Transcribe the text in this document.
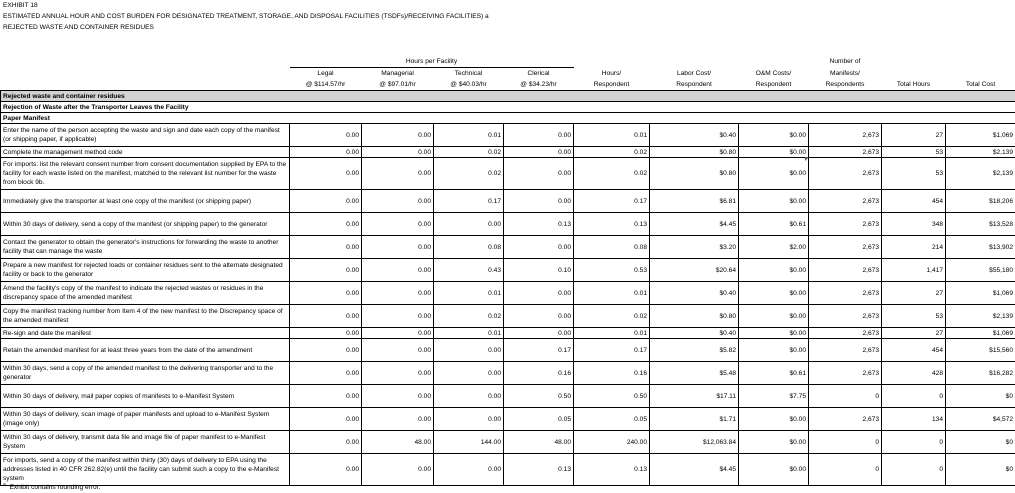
EXHIBIT 18
ESTIMATED ANNUAL HOUR AND COST BURDEN FOR DESIGNATED TREATMENT, STORAGE, AND DISPOSAL FACILITIES (TSDFs)/RECEIVING FACILITIES) a
REJECTED WASTE AND CONTAINER RESIDUES
	Hours per Facility							Number of		
	Legal	Managerial	Technical	Clerical	Hours/	Labor Cost/	O&M Costs/	Manifests/		
	@ $114.57/hr	@ $97.01/hr	@ $40.03/hr	@ $34.23/hr	Respondent	Respondent	Respondent	Respondents	Total Hours	Total Cost
Rejected waste and container residues										
Rejection of Waste after the Transporter Leaves the Facility										
Paper Manifest										
Enter the name of the person accepting the waste and sign and date each copy of the manifest (or shipping paper, if applicable)	0.00	0.00	0.01	0.00	0.01	$0.40	$0.00	2,673	27	$1,069
Complete the management method code	0.00	0.00	0.02	0.00	0.02	$0.80	$0.00	2,673	53	$2,139
For imports: list the relevant consent number from consent documentation supplied by EPA to the facility for each waste listed on the manifest, matched to the relevant list number for the waste from block 9b.	0.00	0.00	0.02	0.00	0.02	$0.80	$0.00	2,673	53	$2,139
Immediately give the transporter at least one copy of the manifest (or shipping paper)	0.00	0.00	0.17	0.00	0.17	$6.81	$0.00	2,673	454	$18,206
Within 30 days of delivery, send a copy of the manifest (or shipping paper) to the generator	0.00	0.00	0.00	0.13	0.13	$4.45	$0.61	2,673	348	$13,528
Contact the generator to obtain the generator's instructions for forwarding the waste to another facility that can manage the waste	0.00	0.00	0.08	0.00	0.08	$3.20	$2.00	2,673	214	$13,902
Prepare a new manifest for rejected loads or container residues sent to the alternate designated facility or back to the generator	0.00	0.00	0.43	0.10	0.53	$20.64	$0.00	2,673	1,417	$55,180
Amend the facility's copy of the manifest to indicate the rejected wastes or residues in the discrepancy space of the amended manifest	0.00	0.00	0.01	0.00	0.01	$0.40	$0.00	2,673	27	$1,069
Copy the manifest tracking number from Item 4 of the new manifest to the Discrepancy space of the amended manifest	0.00	0.00	0.02	0.00	0.02	$0.80	$0.00	2,673	53	$2,139
Re-sign and date the manifest	0.00	0.00	0.01	0.00	0.01	$0.40	$0.00	2,673	27	$1,069
Retain the amended manifest for at least three years from the date of the amendment	0.00	0.00	0.00	0.17	0.17	$5.82	$0.00	2,673	454	$15,560
Within 30 days, send a copy of the amended manifest to the delivering transporter and to the generator	0.00	0.00	0.00	0.16	0.16	$5.48	$0.61	2,673	428	$16,282
Within 30 days of delivery, mail paper copies of manifests to e-Manifest System	0.00	0.00	0.00	0.50	0.50	$17.11	$7.75	0	0	$0
Within 30 days of delivery, scan image of paper manifests and upload to e-Manifest System (image only)	0.00	0.00	0.00	0.05	0.05	$1.71	$0.00	2,673	134	$4,572
Within 30 days of delivery, transmit data file and image file of paper manifest to e-Manifest System	0.00	48.00	144.00	48.00	240.00	$12,063.84	$0.00	0	0	$0
For imports, send a copy of the manifest within thirty (30) days of delivery to EPA using the addresses listed in 40 CFR 262.82(e) until the facility can submit such a copy to the e-Manifest system	0.00	0.00	0.00	0.13	0.13	$4.45	$0.00	0	0	$0
$^a$ Exhibit contains rounding error.
